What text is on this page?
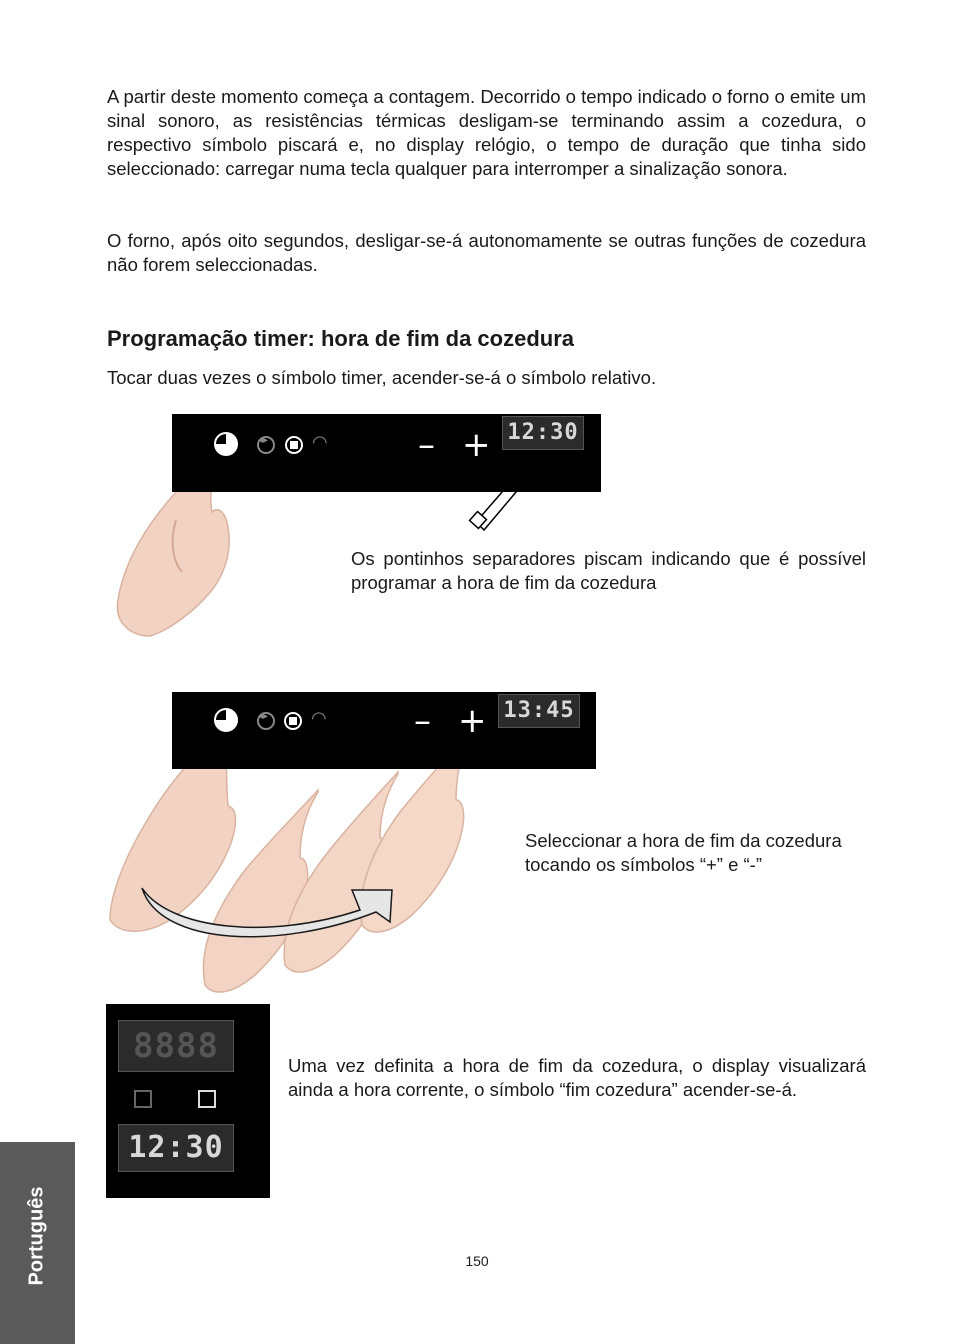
A partir deste momento começa a contagem. Decorrido o tempo indicado o forno o emite um sinal sonoro, as resistências térmicas desligam-se terminando assim a cozedura, o respectivo símbolo piscará e, no display relógio, o tempo de duração que tinha sido seleccionado: carregar numa tecla qualquer para interromper a sinalização sonora.

O forno, após oito segundos, desligar-se-á autonomamente se outras funções de cozedura não forem seleccionadas.

Programação timer: hora de fim da cozedura

Tocar duas vezes o símbolo timer, acender-se-á o símbolo relativo.

◂▸
◠	– + 12:30

Os pontinhos separadores piscam indicando que é possível programar a hora de fim da cozedura

◂▸
◠	– + 13:45

Seleccionar a hora de fim da cozedura

tocando os símbolos “+” e “-”

8888
12:30

Uma vez definita a hora de fim da cozedura, o display visualizará ainda a hora corrente, o símbolo “fim cozedura” acender-se-á.

Português	150
